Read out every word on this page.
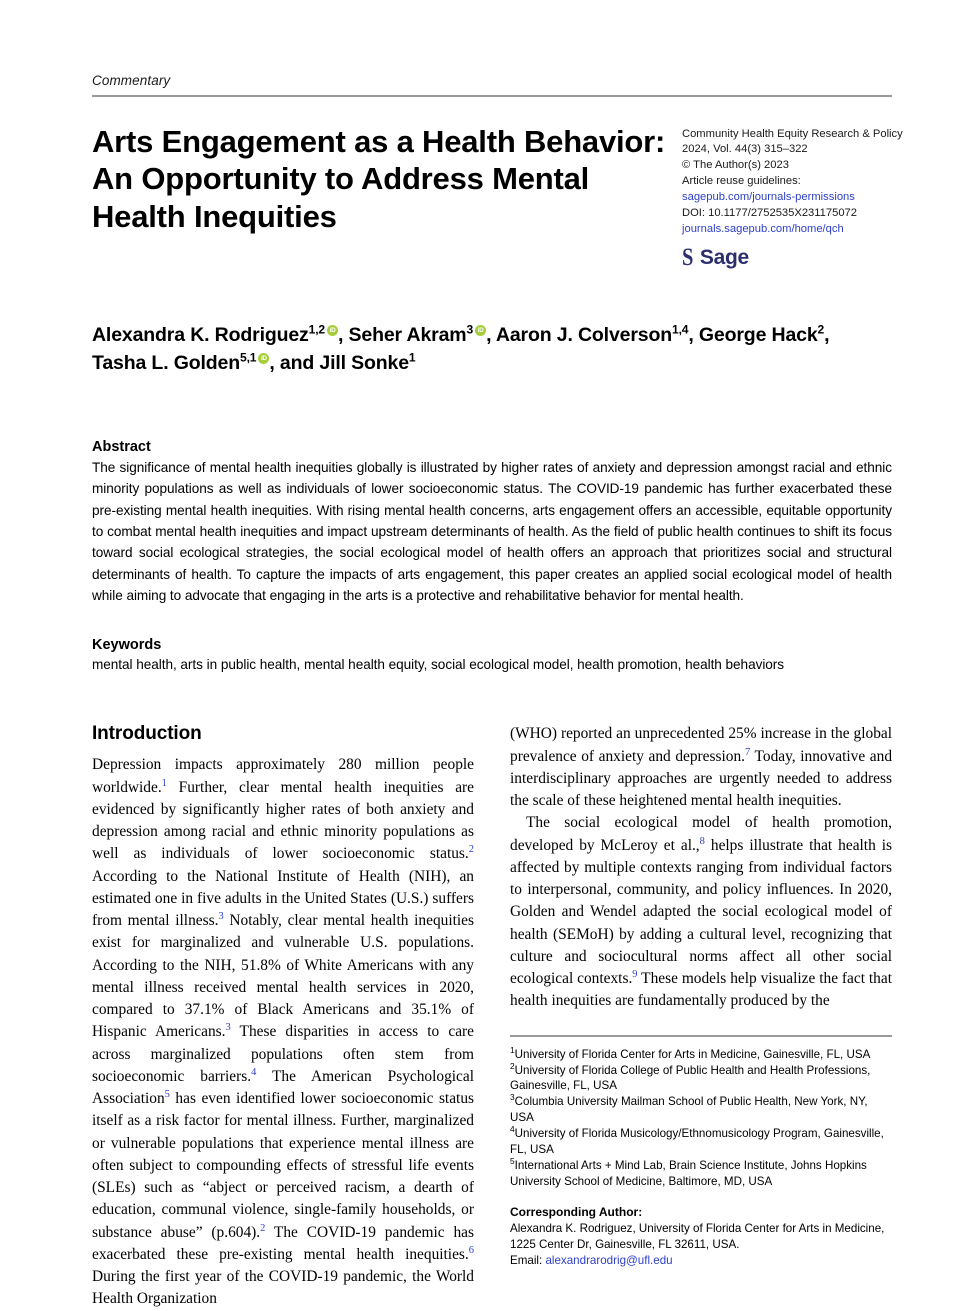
Commentary
Arts Engagement as a Health Behavior: An Opportunity to Address Mental Health Inequities
Community Health Equity Research & Policy
2024, Vol. 44(3) 315–322
© The Author(s) 2023
Article reuse guidelines:
sagepub.com/journals-permissions
DOI: 10.1177/2752535X231175072
journals.sagepub.com/home/qch
S Sage
Alexandra K. Rodriguez$^{1,2}$ iD , Seher Akram$^3$ iD , Aaron J. Colverson$^{1,4}$, George Hack$^2$, Tasha L. Golden$^{5,1}$ iD , and Jill Sonke$^1$
Abstract

The significance of mental health inequities globally is illustrated by higher rates of anxiety and depression amongst racial and ethnic minority populations as well as individuals of lower socioeconomic status. The COVID-19 pandemic has further exacerbated these pre-existing mental health inequities. With rising mental health concerns, arts engagement offers an accessible, equitable opportunity to combat mental health inequities and impact upstream determinants of health. As the field of public health continues to shift its focus toward social ecological strategies, the social ecological model of health offers an approach that prioritizes social and structural determinants of health. To capture the impacts of arts engagement, this paper creates an applied social ecological model of health while aiming to advocate that engaging in the arts is a protective and rehabilitative behavior for mental health.

Keywords

mental health, arts in public health, mental health equity, social ecological model, health promotion, health behaviors

Introduction

Depression impacts approximately 280 million people worldwide.$^1$ Further, clear mental health inequities are evidenced by significantly higher rates of both anxiety and depression among racial and ethnic minority populations as well as individuals of lower socioeconomic status.$^2$ According to the National Institute of Health (NIH), an estimated one in five adults in the United States (U.S.) suffers from mental illness.$^3$ Notably, clear mental health inequities exist for marginalized and vulnerable U.S. populations. According to the NIH, 51.8% of White Americans with any mental illness received mental health services in 2020, compared to 37.1% of Black Americans and 35.1% of Hispanic Americans.$^3$ These disparities in access to care across marginalized populations often stem from socioeconomic barriers.$^4$ The American Psychological Association$^5$ has even identified lower socioeconomic status itself as a risk factor for mental illness. Further, marginalized or vulnerable populations that experience mental illness are often subject to compounding effects of stressful life events (SLEs) such as “abject or perceived racism, a dearth of education, communal violence, single-family households, or substance abuse” (p.604).$^2$ The COVID-19 pandemic has exacerbated these pre-existing mental health inequities.$^6$ During the first year of the COVID-19 pandemic, the World Health Organization

(WHO) reported an unprecedented 25% increase in the global prevalence of anxiety and depression.$^7$ Today, innovative and interdisciplinary approaches are urgently needed to address the scale of these heightened mental health inequities.

The social ecological model of health promotion, developed by McLeroy et al.,$^8$ helps illustrate that health is affected by multiple contexts ranging from individual factors to interpersonal, community, and policy influences. In 2020, Golden and Wendel adapted the social ecological model of health (SEMoH) by adding a cultural level, recognizing that culture and sociocultural norms affect all other social ecological contexts.$^9$ These models help visualize the fact that health inequities are fundamentally produced by the

$^1$University of Florida Center for Arts in Medicine, Gainesville, FL, USA

$^2$University of Florida College of Public Health and Health Professions, Gainesville, FL, USA

$^3$Columbia University Mailman School of Public Health, New York, NY, USA

$^4$University of Florida Musicology/Ethnomusicology Program, Gainesville, FL, USA

$^5$International Arts + Mind Lab, Brain Science Institute, Johns Hopkins University School of Medicine, Baltimore, MD, USA

Corresponding Author:

Alexandra K. Rodriguez, University of Florida Center for Arts in Medicine, 1225 Center Dr, Gainesville, FL 32611, USA.

Email: alexandrarodrig@ufl.edu
